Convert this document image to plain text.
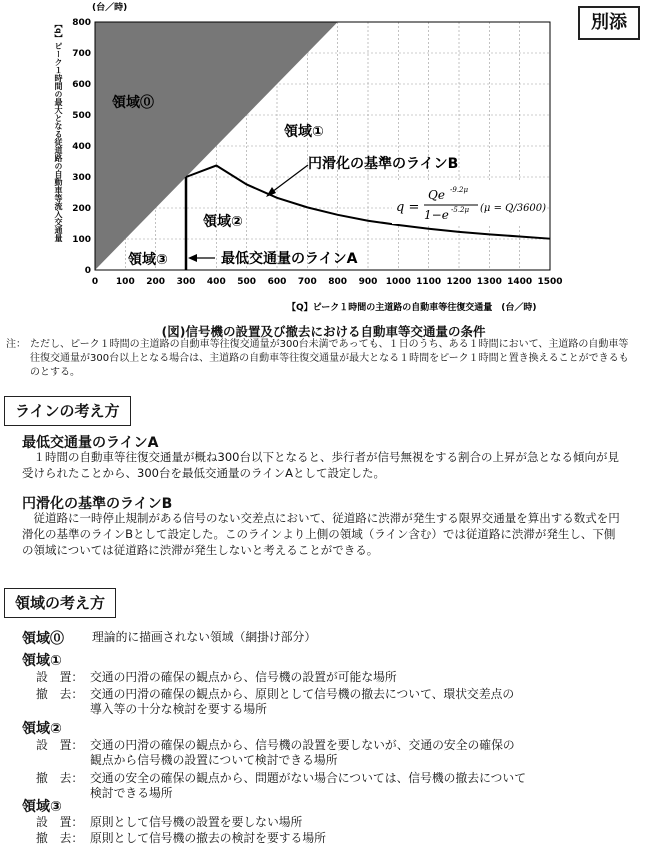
0 100 200 300 400 500 600 700 800 900 1000 1100 1200 1300 1400 1500
0
100
200
300
400
500
600
700
800
(台／時)
領域⓪
領域①
領域②
領域③
円滑化の基準のラインB
最低交通量のラインA
q =
Qe -9.2μ
1−e -5.2μ (μ = Q/3600)
【Q】ピーク１時間の主道路の自動車等往復交通量　(台／時)
【q】ピーク１時間の最大となる従道路の自動車等流入交通量	別添
(図)信号機の設置及び撤去における自動車等交通量の条件
注： ただし、ピーク１時間の主道路の自動車等往復交通量が300台未満であっても、１日のうち、ある１時間において、主道路の自動車等往復交通量が300台以上となる場合は、主道路の自動車等往復交通量が最大となる１時間をピーク１時間と置き換えることができるものとする。
ラインの考え方
最低交通量のラインA
　１時間の自動車等往復交通量が概ね300台以下となると、歩行者が信号無視をする割合の上昇が急となる傾向が見受けられたことから、300台を最低交通量のラインAとして設定した。
円滑化の基準のラインB
　従道路に一時停止規制がある信号のない交差点において、従道路に渋滞が発生する限界交通量を算出する数式を円滑化の基準のラインBとして設定した。このラインより上側の領域（ライン含む）では従道路に渋滞が発生し、下側の領域については従道路に渋滞が発生しないと考えることができる。
領域の考え方
領域⓪ 理論的に描画されない領域（網掛け部分）
領域①
設　置： 交通の円滑の確保の観点から、信号機の設置が可能な場所
撤　去： 交通の円滑の確保の観点から、原則として信号機の撤去について、環状交差点の
導入等の十分な検討を要する場所
領域②
設　置： 交通の円滑の確保の観点から、信号機の設置を要しないが、交通の安全の確保の
観点から信号機の設置について検討できる場所
撤　去： 交通の安全の確保の観点から、問題がない場合については、信号機の撤去について
検討できる場所
領域③
設　置： 原則として信号機の設置を要しない場所
撤　去： 原則として信号機の撤去の検討を要する場所
